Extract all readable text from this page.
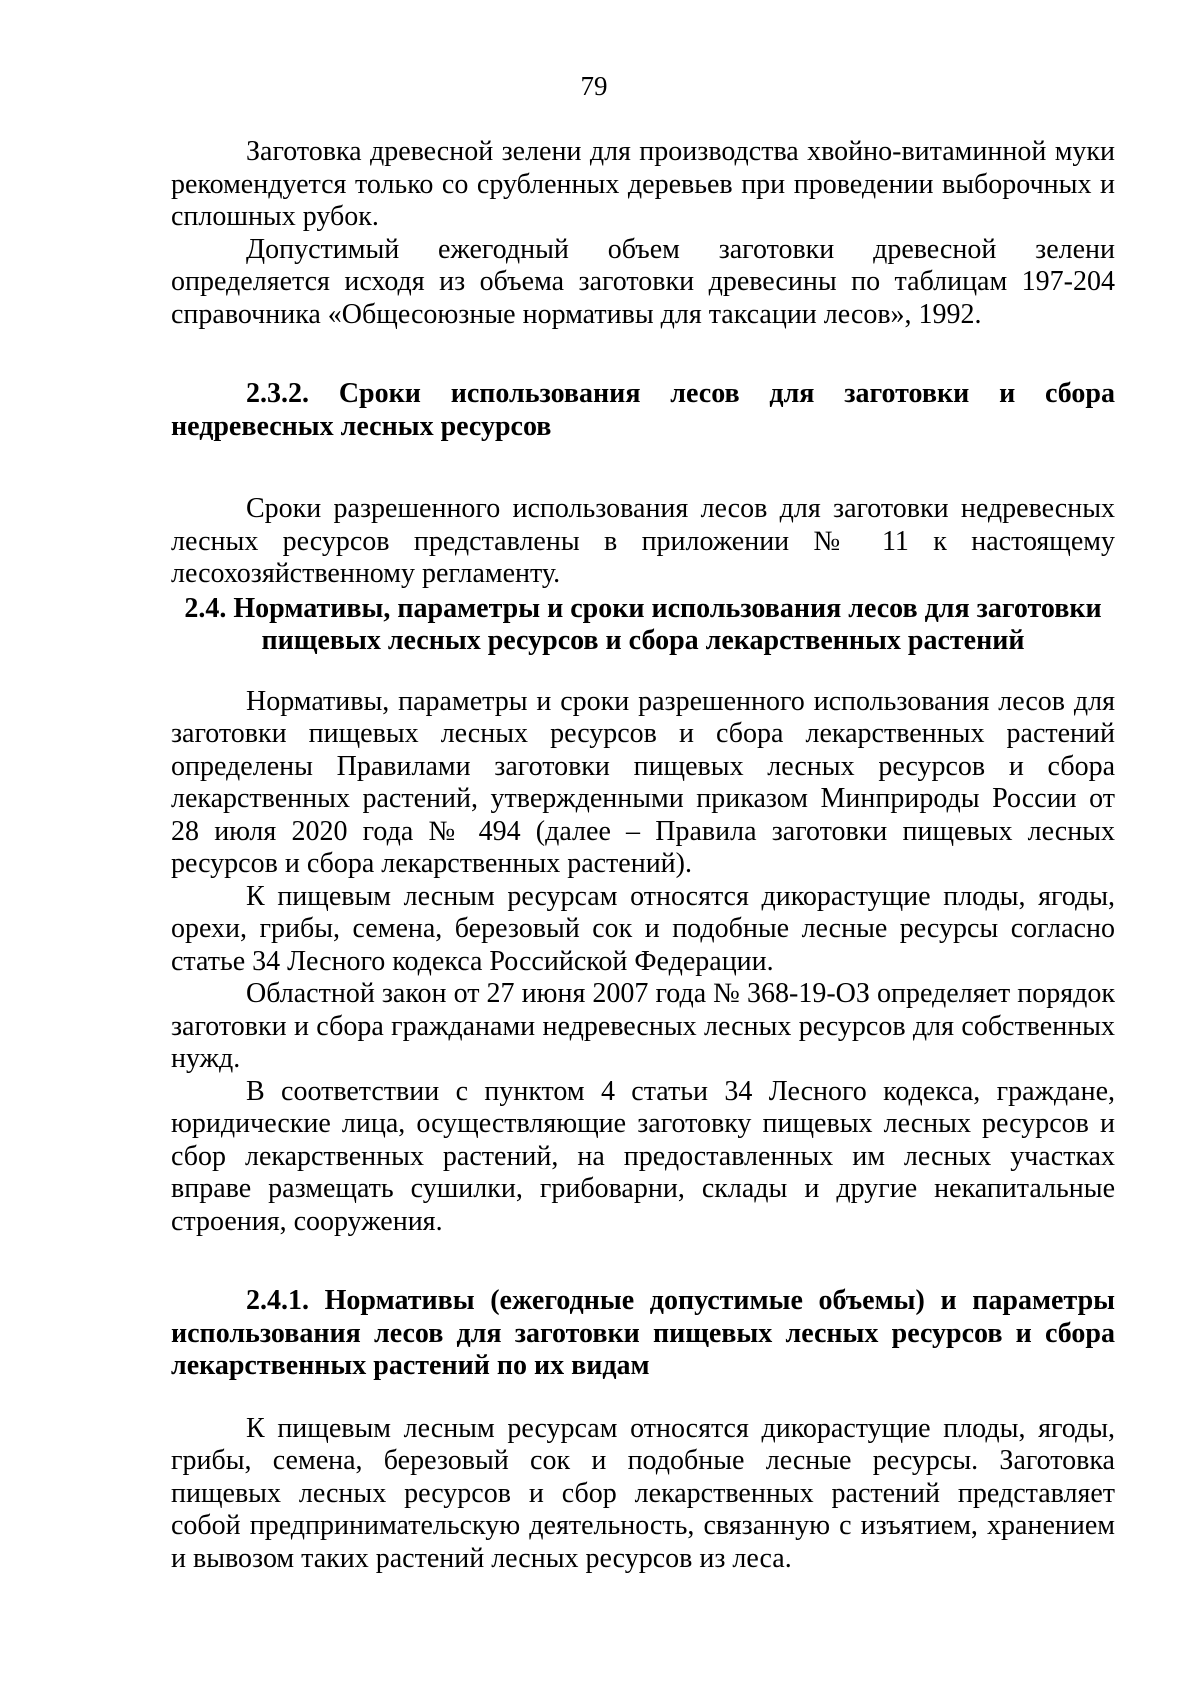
79

Заготовка древесной зелени для производства хвойно-витаминной муки рекомендуется только со срубленных деревьев при проведении выборочных и сплошных рубок.

Допустимый ежегодный объем заготовки древесной зелени определяется исходя из объема заготовки древесины по таблицам 197-204 справочника «Общесоюзные нормативы для таксации лесов», 1992.

2.3.2. Сроки использования лесов для заготовки и сбора недревесных лесных ресурсов

Сроки разрешенного использования лесов для заготовки недревесных лесных ресурсов представлены в приложении № 11 к настоящему лесохозяйственному регламенту.

2.4. Нормативы, параметры и сроки использования лесов для заготовки пищевых лесных ресурсов и сбора лекарственных растений

Нормативы, параметры и сроки разрешенного использования лесов для заготовки пищевых лесных ресурсов и сбора лекарственных растений определены Правилами заготовки пищевых лесных ресурсов и сбора лекарственных растений, утвержденными приказом Минприроды России от 28 июля 2020 года № 494 (далее – Правила заготовки пищевых лесных ресурсов и сбора лекарственных растений).

К пищевым лесным ресурсам относятся дикорастущие плоды, ягоды, орехи, грибы, семена, березовый сок и подобные лесные ресурсы согласно статье 34 Лесного кодекса Российской Федерации.

Областной закон от 27 июня 2007 года № 368-19-ОЗ определяет порядок заготовки и сбора гражданами недревесных лесных ресурсов для собственных нужд.

В соответствии с пунктом 4 статьи 34 Лесного кодекса, граждане, юридические лица, осуществляющие заготовку пищевых лесных ресурсов и сбор лекарственных растений, на предоставленных им лесных участках вправе размещать сушилки, грибоварни, склады и другие некапитальные строения, сооружения.

2.4.1. Нормативы (ежегодные допустимые объемы) и параметры использования лесов для заготовки пищевых лесных ресурсов и сбора лекарственных растений по их видам

К пищевым лесным ресурсам относятся дикорастущие плоды, ягоды, грибы, семена, березовый сок и подобные лесные ресурсы. Заготовка пищевых лесных ресурсов и сбор лекарственных растений представляет собой предпринимательскую деятельность, связанную с изъятием, хранением и вывозом таких растений лесных ресурсов из леса.
